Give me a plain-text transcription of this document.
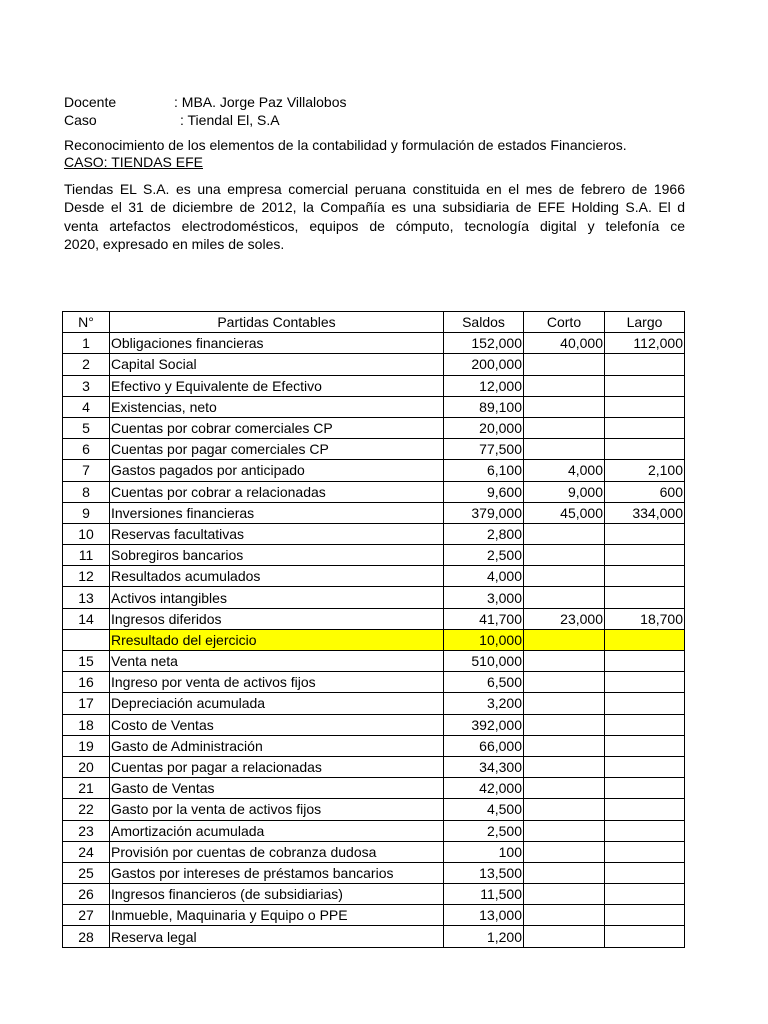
Docente	: MBA. Jorge Paz Villalobos
Caso	: Tiendal El, S.A
Reconocimiento de los elementos de la contabilidad y formulación de estados Financieros.
CASO: TIENDAS EFE
Tiendas EL S.A. es una empresa comercial peruana constituida en el mes de febrero de 1966
Desde el 31 de diciembre de 2012, la Compañía es una subsidiaria de EFE Holding S.A. El d
venta artefactos electrodomésticos, equipos de cómputo, tecnología digital y telefonía ce
2020, expresado en miles de soles.
N°	Partidas Contables	Saldos	Corto	Largo
1	Obligaciones financieras	152,000	40,000	112,000
2	Capital Social	200,000		
3	Efectivo y Equivalente de Efectivo	12,000		
4	Existencias, neto	89,100		
5	Cuentas por cobrar comerciales CP	20,000		
6	Cuentas por pagar comerciales CP	77,500		
7	Gastos pagados por anticipado	6,100	4,000	2,100
8	Cuentas por cobrar a relacionadas	9,600	9,000	600
9	Inversiones financieras	379,000	45,000	334,000
10	Reservas facultativas	2,800		
11	Sobregiros bancarios	2,500		
12	Resultados acumulados	4,000		
13	Activos intangibles	3,000		
14	Ingresos diferidos	41,700	23,000	18,700
	Rresultado del ejercicio	10,000		
15	Venta neta	510,000		
16	Ingreso por venta de activos fijos	6,500		
17	Depreciación acumulada	3,200		
18	Costo de Ventas	392,000		
19	Gasto de Administración	66,000		
20	Cuentas por pagar a relacionadas	34,300		
21	Gasto de Ventas	42,000		
22	Gasto por la venta de activos fijos	4,500		
23	Amortización acumulada	2,500		
24	Provisión por cuentas de cobranza dudosa	100		
25	Gastos por intereses de préstamos bancarios	13,500		
26	Ingresos financieros (de subsidiarias)	11,500		
27	Inmueble, Maquinaria y Equipo o PPE	13,000		
28	Reserva legal	1,200		
